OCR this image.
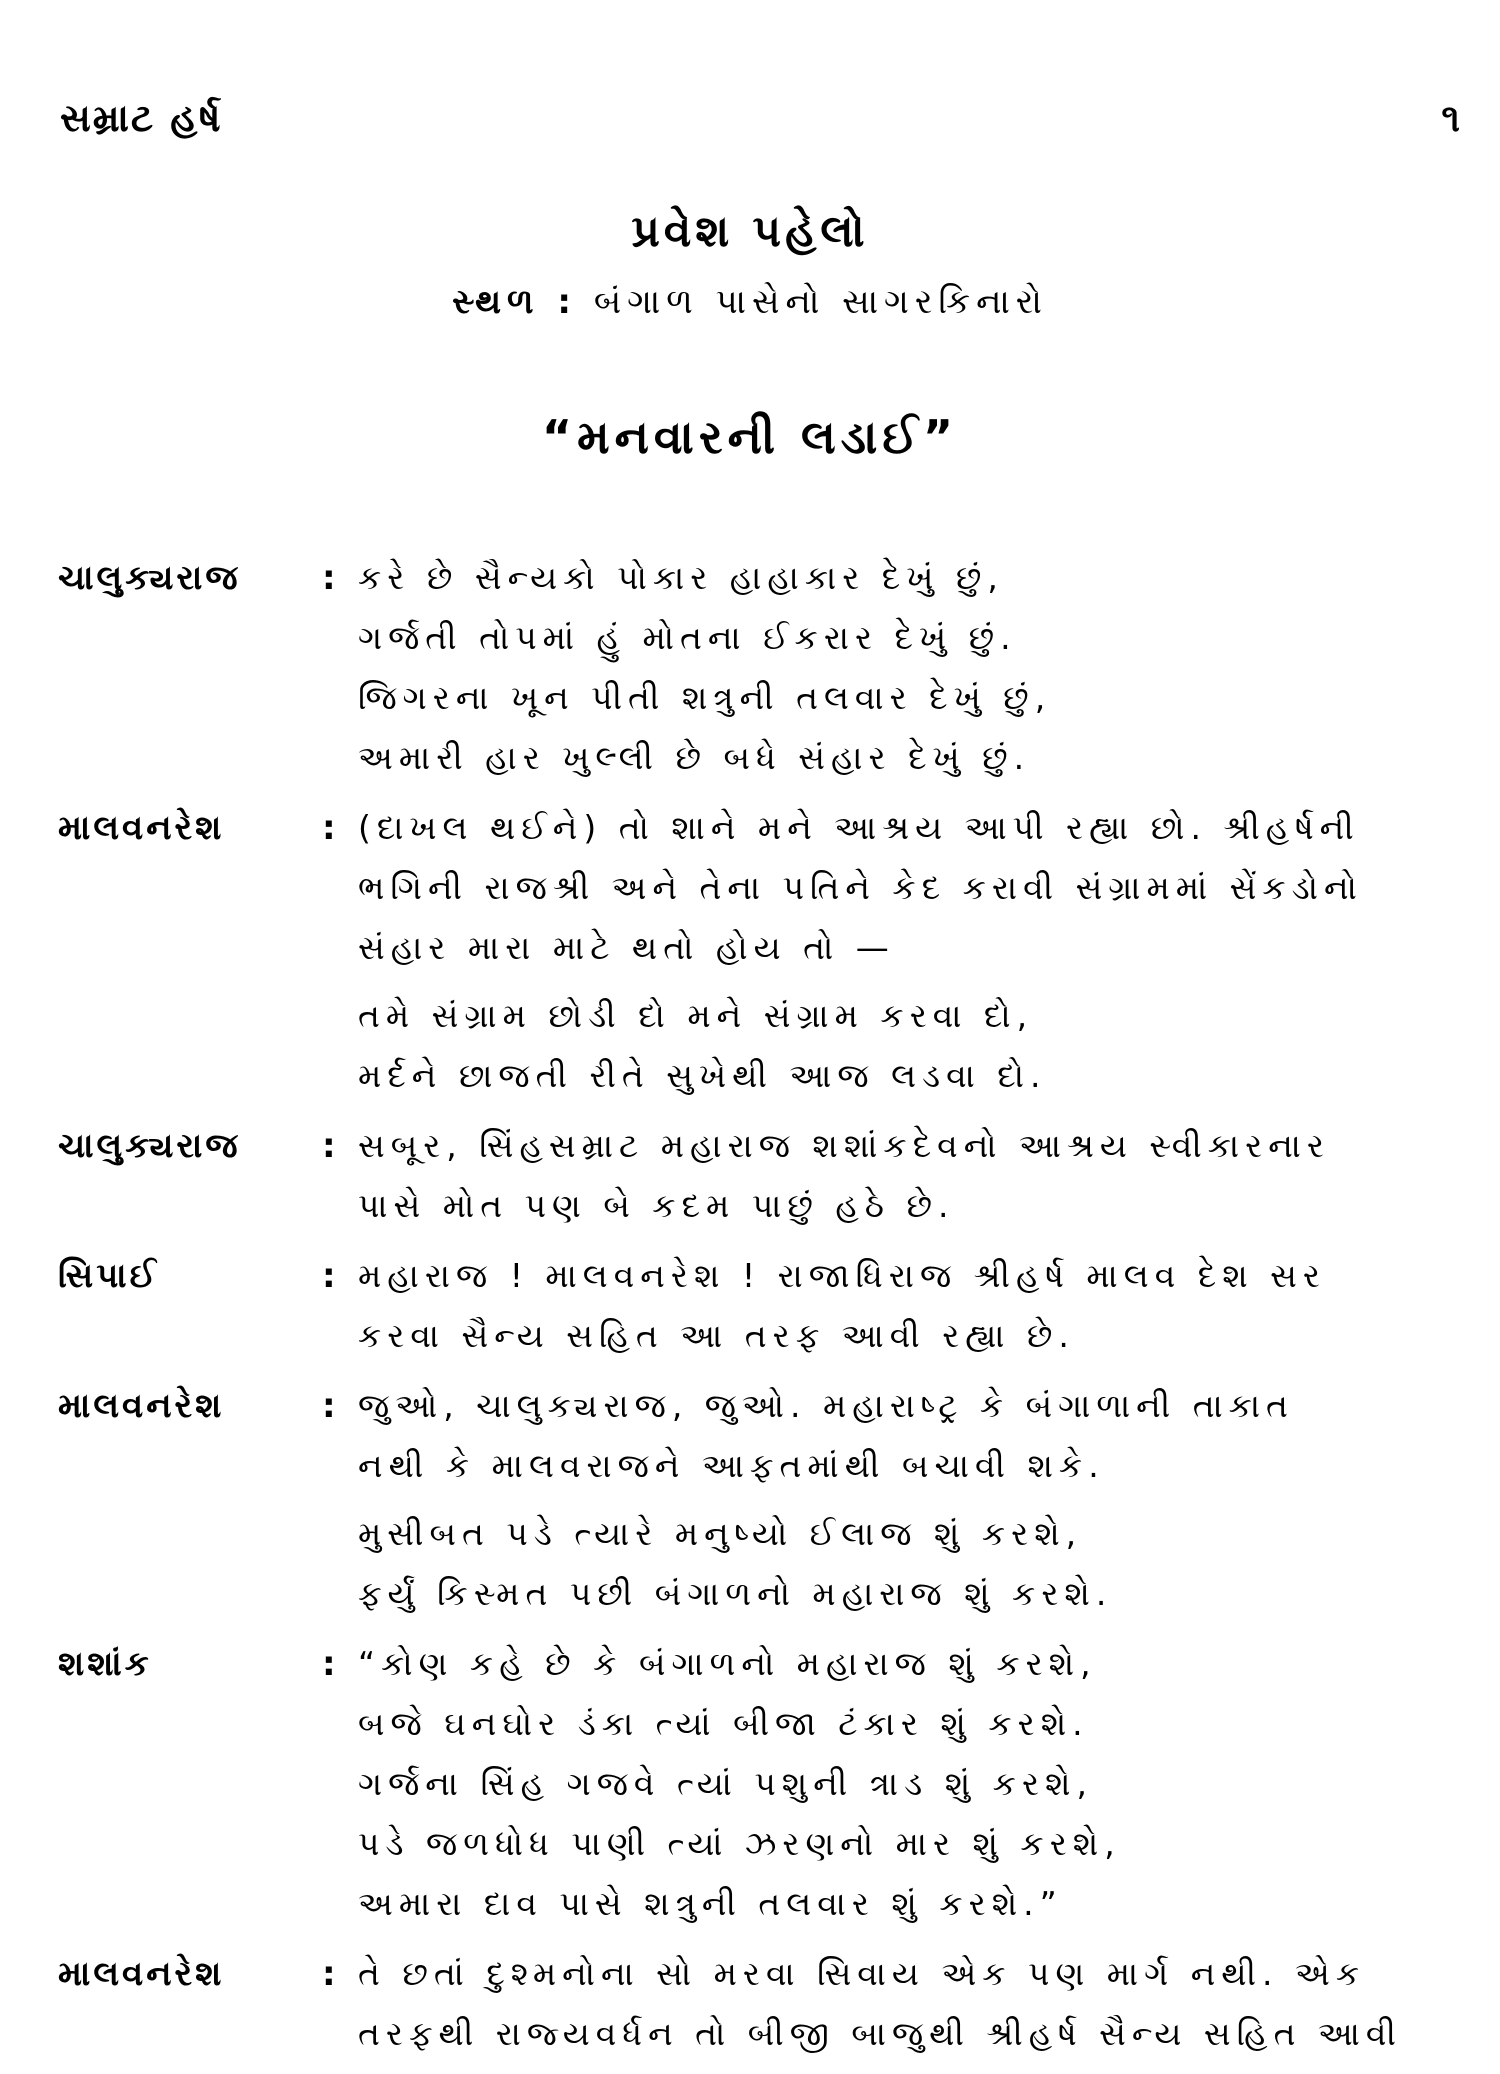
સમ્રાટ હર્ષ	૧
પ્રવેશ પહેલો
સ્થળ : બંગાળ પાસેનો સાગરકિનારો
“મનવારની લડાઈ”
ચાલુક્યરાજ	: કરે છે સૈન્યકો પોકાર હાહાકાર દેખું છું,
ગર્જતી તોપમાં હું મોતના ઈકરાર દેખું છું.
જિગરના ખૂન પીતી શત્રુની તલવાર દેખું છું,
અમારી હાર ખુલ્લી છે બધે સંહાર દેખું છું.
માલવનરેશ	: (દાખલ થઈને) તો શાને મને આશ્રય આપી રહ્યા છો. શ્રીહર્ષની
ભગિની રાજશ્રી અને તેના પતિને કેદ કરાવી સંગ્રામમાં સેંકડોનો
સંહાર મારા માટે થતો હોય તો —
તમે સંગ્રામ છોડી દો મને સંગ્રામ કરવા દો,
મર્દને છાજતી રીતે સુખેથી આજ લડવા દો.
ચાલુક્યરાજ	: સબૂર, સિંહસમ્રાટ મહારાજ શશાંકદેવનો આશ્રય સ્વીકારનાર
પાસે મોત પણ બે કદમ પાછું હઠે છે.
સિપાઈ	: મહારાજ ! માલવનરેશ ! રાજાધિરાજ શ્રીહર્ષ માલવ દેશ સર
કરવા સૈન્ય સહિત આ તરફ આવી રહ્યા છે.
માલવનરેશ	: જુઓ, ચાલુક્યરાજ, જુઓ. મહારાષ્ટ્ર કે બંગાળાની તાકાત
નથી કે માલવરાજને આફતમાંથી બચાવી શકે.
મુસીબત પડે ત્યારે મનુષ્યો ઈલાજ શું કરશે,
ફર્યું કિસ્મત પછી બંગાળનો મહારાજ શું કરશે.
શશાંક	: “કોણ કહે છે કે બંગાળનો મહારાજ શું કરશે,
બજે ઘનઘોર ડંકા ત્યાં બીજા ટંકાર શું કરશે.
ગર્જના સિંહ ગજવે ત્યાં પશુની ત્રાડ શું કરશે,
પડે જળધોધ પાણી ત્યાં ઝરણનો માર શું કરશે,
અમારા દાવ પાસે શત્રુની તલવાર શું કરશે.”
માલવનરેશ	: તે છતાં દુશ્મનોના સો મરવા સિવાય એક પણ માર્ગ નથી. એક
તરફથી રાજ્યવર્ધન તો બીજી બાજુથી શ્રીહર્ષ સૈન્ય સહિત આવી
